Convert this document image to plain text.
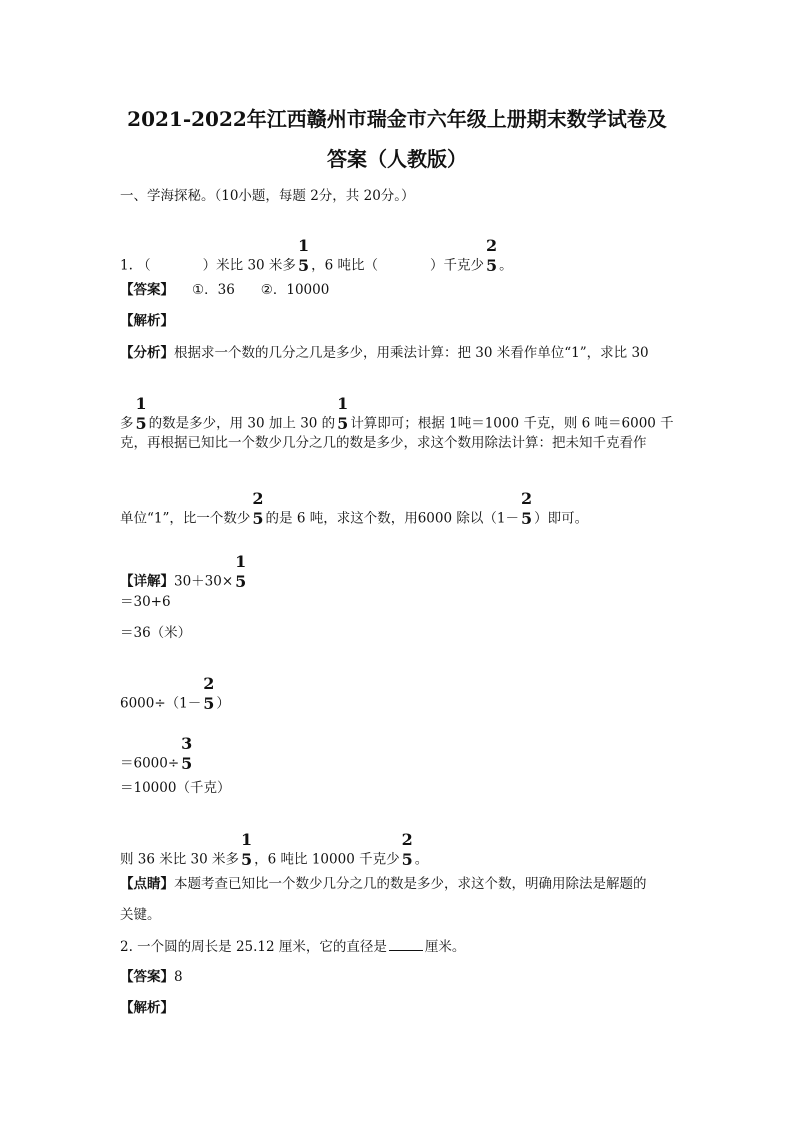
2021-2022年江西赣州市瑞金市六年级上册期末数学试卷及
答案（人教版）
一、学海探秘。（10小题，每题 2分，共 20分。）
1. （	）米比 30 米多
1
5 ，6 吨比（	）千克少
2
5 。
【答案】 ①．36 ②．10000
【解析】
【分析】根据求一个数的几分之几是多少，用乘法计算：把 30 米看作单位“1”，求比 30
多
1
5 的数是多少，用 30 加上 30 的
1
5 计算即可；根据 1吨＝1000 千克，则 6 吨＝6000 千
克，再根据已知比一个数少几分之几的数是多少，求这个数用除法计算：把未知千克看作
单位“1”，比一个数少
2
5 的是 6 吨，求这个数，用6000 除以（1－
2
5 ）即可。
【详解】30＋30×
1
5
＝30+6
＝36（米）
6000÷（1－
2
5 ）
＝6000÷
3
5
＝10000（千克）
则 36 米比 30 米多
1
5 ，6 吨比 10000 千克少
2
5 。
【点睛】本题考查已知比一个数少几分之几的数是多少，求这个数，明确用除法是解题的
关键。
2. 一个圆的周长是 25.12 厘米，它的直径是	厘米。
【答案】8
【解析】
